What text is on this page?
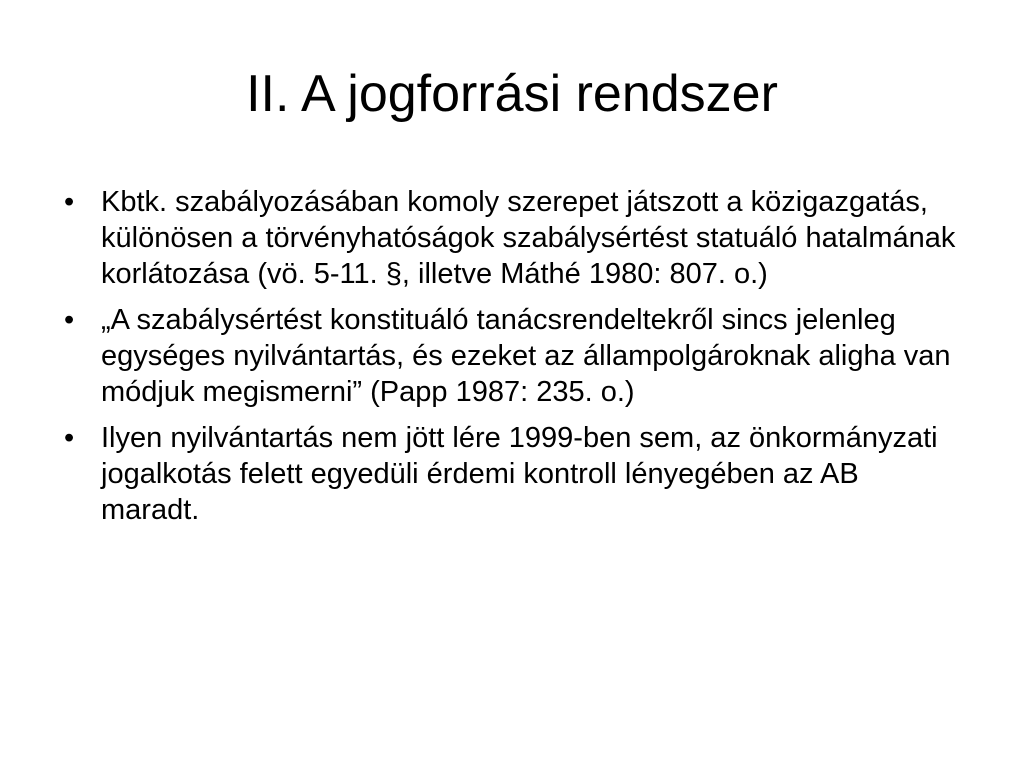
II. A jogforrási rendszer
• Kbtk. szabályozásában komoly szerepet játszott a közigazgatás, különösen a törvényhatóságok szabálysértést statuáló hatalmának korlátozása (vö. 5-11. §, illetve Máthé 1980: 807. o.)
• „A szabálysértést konstituáló tanácsrendeltekről sincs jelenleg egységes nyilvántartás, és ezeket az állampolgároknak aligha van módjuk megismerni” (Papp 1987: 235. o.)
• Ilyen nyilvántartás nem jött lére 1999-ben sem, az önkormányzati jogalkotás felett egyedüli érdemi kontroll lényegében az AB maradt.
